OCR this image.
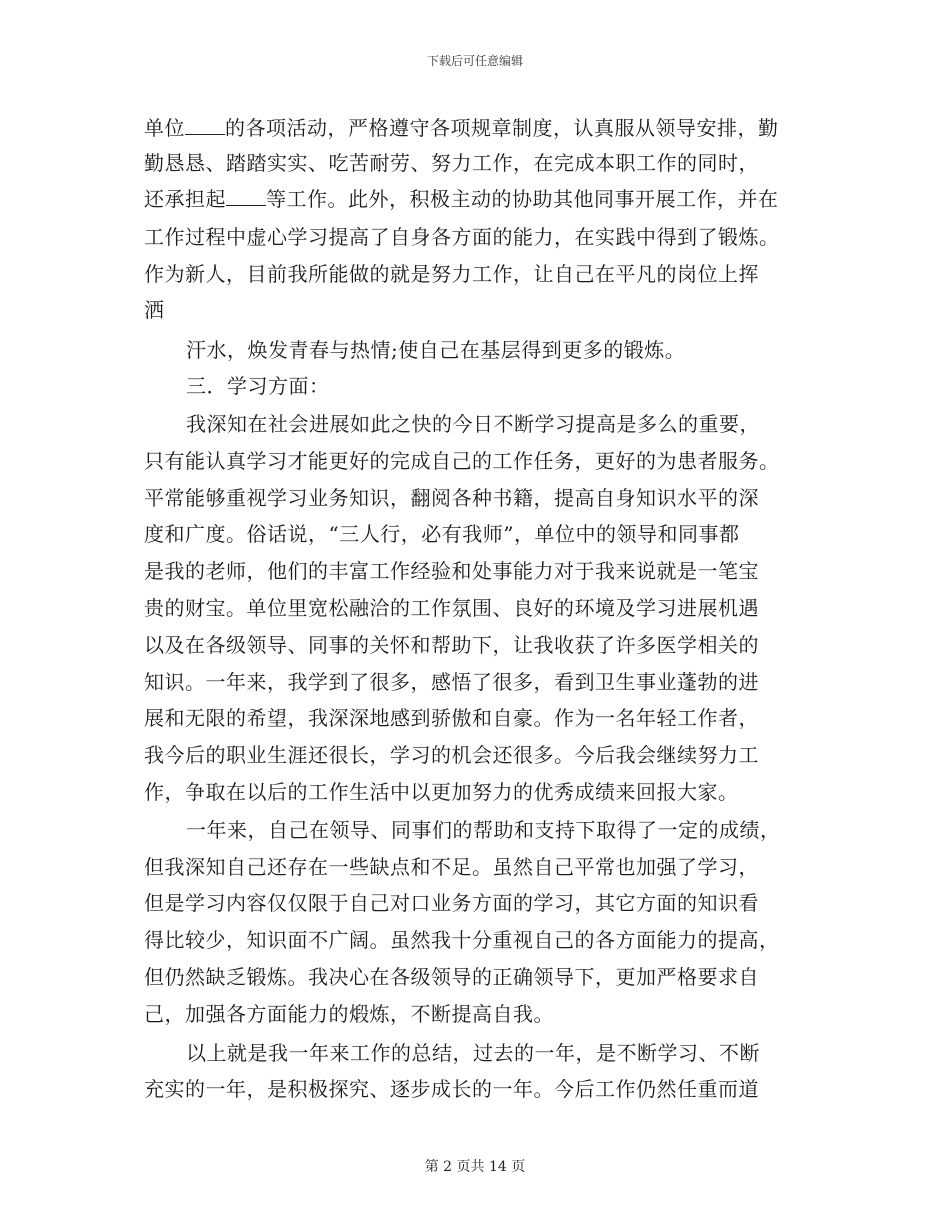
下载后可任意编辑
单位 的各项活动，严格遵守各项规章制度，认真服从领导安排，勤
勤恳恳、踏踏实实、吃苦耐劳、努力工作，在完成本职工作的同时，
还承担起 等工作。此外，积极主动的协助其他同事开展工作，并在
工作过程中虚心学习提高了自身各方面的能力，在实践中得到了锻炼。
作为新人，目前我所能做的就是努力工作，让自己在平凡的岗位上挥
洒
汗水，焕发青春与热情;使自己在基层得到更多的锻炼。
三．学习方面：
我深知在社会进展如此之快的今日不断学习提高是多么的重要，
只有能认真学习才能更好的完成自己的工作任务，更好的为患者服务。
平常能够重视学习业务知识，翻阅各种书籍，提高自身知识水平的深
度和广度。俗话说，“三人行，必有我师”，单位中的领导和同事都
是我的老师，他们的丰富工作经验和处事能力对于我来说就是一笔宝
贵的财宝。单位里宽松融洽的工作氛围、良好的环境及学习进展机遇
以及在各级领导、同事的关怀和帮助下，让我收获了许多医学相关的
知识。一年来，我学到了很多，感悟了很多，看到卫生事业蓬勃的进
展和无限的希望，我深深地感到骄傲和自豪。作为一名年轻工作者，
我今后的职业生涯还很长，学习的机会还很多。今后我会继续努力工
作，争取在以后的工作生活中以更加努力的优秀成绩来回报大家。
一年来，自己在领导、同事们的帮助和支持下取得了一定的成绩，
但我深知自己还存在一些缺点和不足。虽然自己平常也加强了学习，
但是学习内容仅仅限于自己对口业务方面的学习，其它方面的知识看
得比较少，知识面不广阔。虽然我十分重视自己的各方面能力的提高，
但仍然缺乏锻炼。我决心在各级领导的正确领导下，更加严格要求自
己，加强各方面能力的煅炼，不断提高自我。
以上就是我一年来工作的总结，过去的一年，是不断学习、不断
充实的一年，是积极探究、逐步成长的一年。今后工作仍然任重而道
第 2 页共 14 页
